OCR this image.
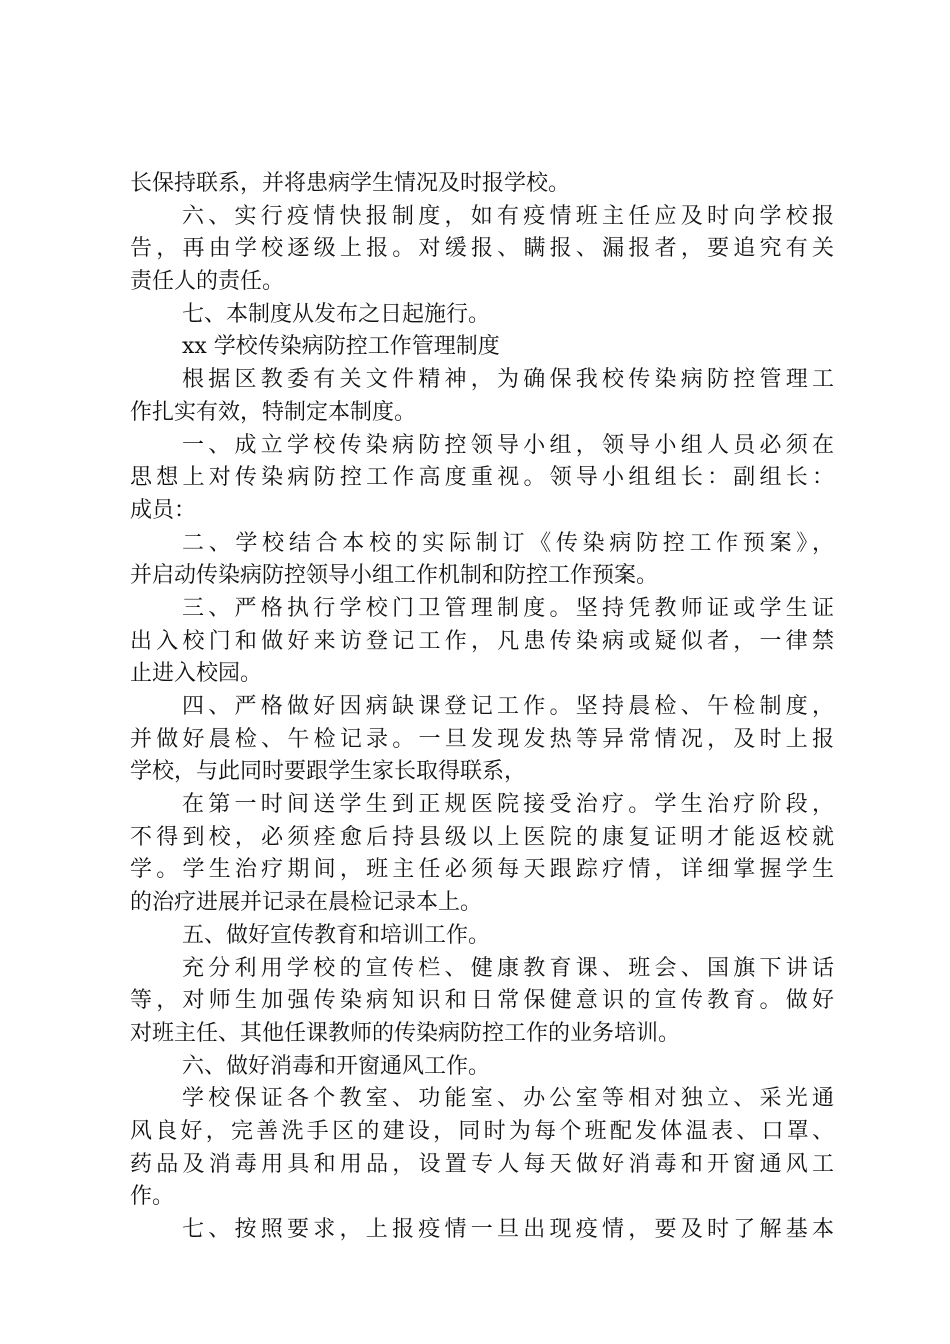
长保持联系，并将患病学生情况及时报学校。
六、实行疫情快报制度，如有疫情班主任应及时向学校报
告，再由学校逐级上报。对缓报、瞒报、漏报者，要追究有关
责任人的责任。
七、本制度从发布之日起施行。
xx 学校传染病防控工作管理制度
根据区教委有关文件精神，为确保我校传染病防控管理工
作扎实有效，特制定本制度。
一、成立学校传染病防控领导小组，领导小组人员必须在
思想上对传染病防控工作高度重视。领导小组组长：副组长：
成员：
二、学校结合本校的实际制订《传染病防控工作预案》，
并启动传染病防控领导小组工作机制和防控工作预案。
三、严格执行学校门卫管理制度。坚持凭教师证或学生证
出入校门和做好来访登记工作，凡患传染病或疑似者，一律禁
止进入校园。
四、严格做好因病缺课登记工作。坚持晨检、午检制度，
并做好晨检、午检记录。一旦发现发热等异常情况，及时上报
学校，与此同时要跟学生家长取得联系，
在第一时间送学生到正规医院接受治疗。学生治疗阶段，
不得到校，必须痊愈后持县级以上医院的康复证明才能返校就
学。学生治疗期间，班主任必须每天跟踪疗情，详细掌握学生
的治疗进展并记录在晨检记录本上。
五、做好宣传教育和培训工作。
充分利用学校的宣传栏、健康教育课、班会、国旗下讲话
等，对师生加强传染病知识和日常保健意识的宣传教育。做好
对班主任、其他任课教师的传染病防控工作的业务培训。
六、做好消毒和开窗通风工作。
学校保证各个教室、功能室、办公室等相对独立、采光通
风良好，完善洗手区的建设，同时为每个班配发体温表、口罩、
药品及消毒用具和用品，设置专人每天做好消毒和开窗通风工
作。
七、按照要求，上报疫情一旦出现疫情，要及时了解基本
